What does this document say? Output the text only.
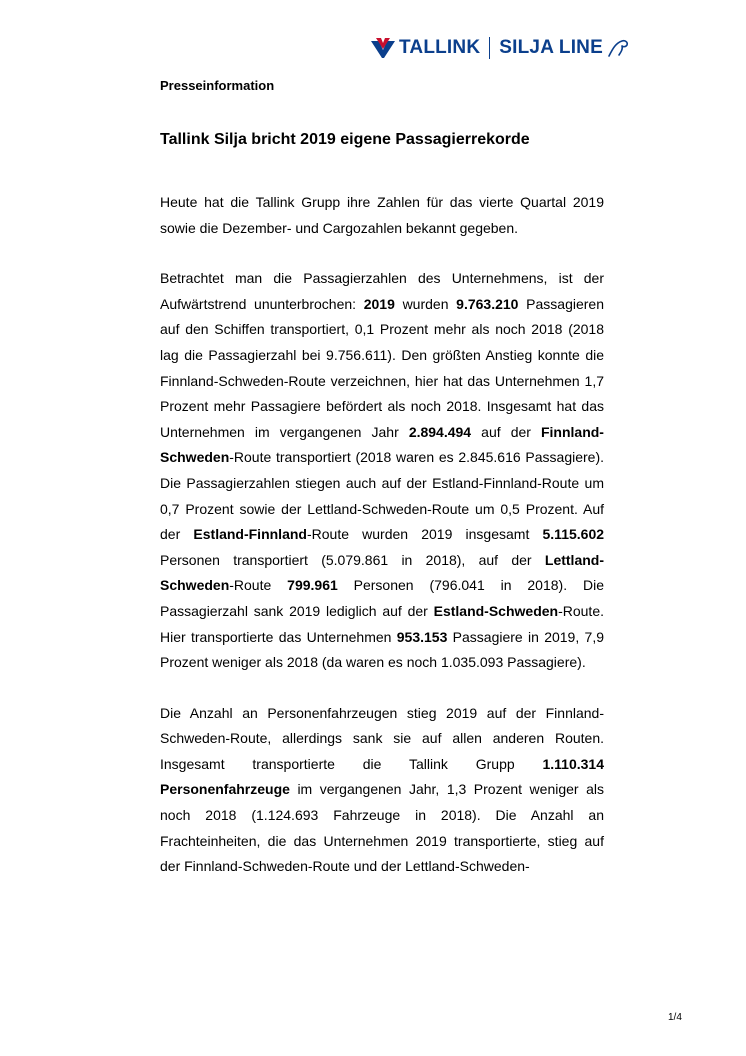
TALLINK SILJA LINE
Presseinformation
Tallink Silja bricht 2019 eigene Passagierrekorde

Heute hat die Tallink Grupp ihre Zahlen für das vierte Quartal 2019 sowie die Dezember- und Cargozahlen bekannt gegeben.

Betrachtet man die Passagierzahlen des Unternehmens, ist der Aufwärtstrend ununterbrochen: 2019 wurden 9.763.210 Passagieren auf den Schiffen transportiert, 0,1 Prozent mehr als noch 2018 (2018 lag die Passagierzahl bei 9.756.611). Den größten Anstieg konnte die Finnland-Schweden-Route verzeichnen, hier hat das Unternehmen 1,7 Prozent mehr Passagiere befördert als noch 2018. Insgesamt hat das Unternehmen im vergangenen Jahr 2.894.494 auf der Finnland-Schweden-Route transportiert (2018 waren es 2.845.616 Passagiere). Die Passagierzahlen stiegen auch auf der Estland-Finnland-Route um 0,7 Prozent sowie der Lettland-Schweden-Route um 0,5 Prozent. Auf der Estland-Finnland-Route wurden 2019 insgesamt 5.115.602 Personen transportiert (5.079.861 in 2018), auf der Lettland-Schweden-Route 799.961 Personen (796.041 in 2018). Die Passagierzahl sank 2019 lediglich auf der Estland-Schweden-Route. Hier transportierte das Unternehmen 953.153 Passagiere in 2019, 7,9 Prozent weniger als 2018 (da waren es noch 1.035.093 Passagiere).

Die Anzahl an Personenfahrzeugen stieg 2019 auf der Finnland-Schweden-Route, allerdings sank sie auf allen anderen Routen. Insgesamt transportierte die Tallink Grupp 1.110.314 Personenfahrzeuge im vergangenen Jahr, 1,3 Prozent weniger als noch 2018 (1.124.693 Fahrzeuge in 2018). Die Anzahl an Frachteinheiten, die das Unternehmen 2019 transportierte, stieg auf der Finnland-Schweden-Route und der Lettland-Schweden-

1/4
